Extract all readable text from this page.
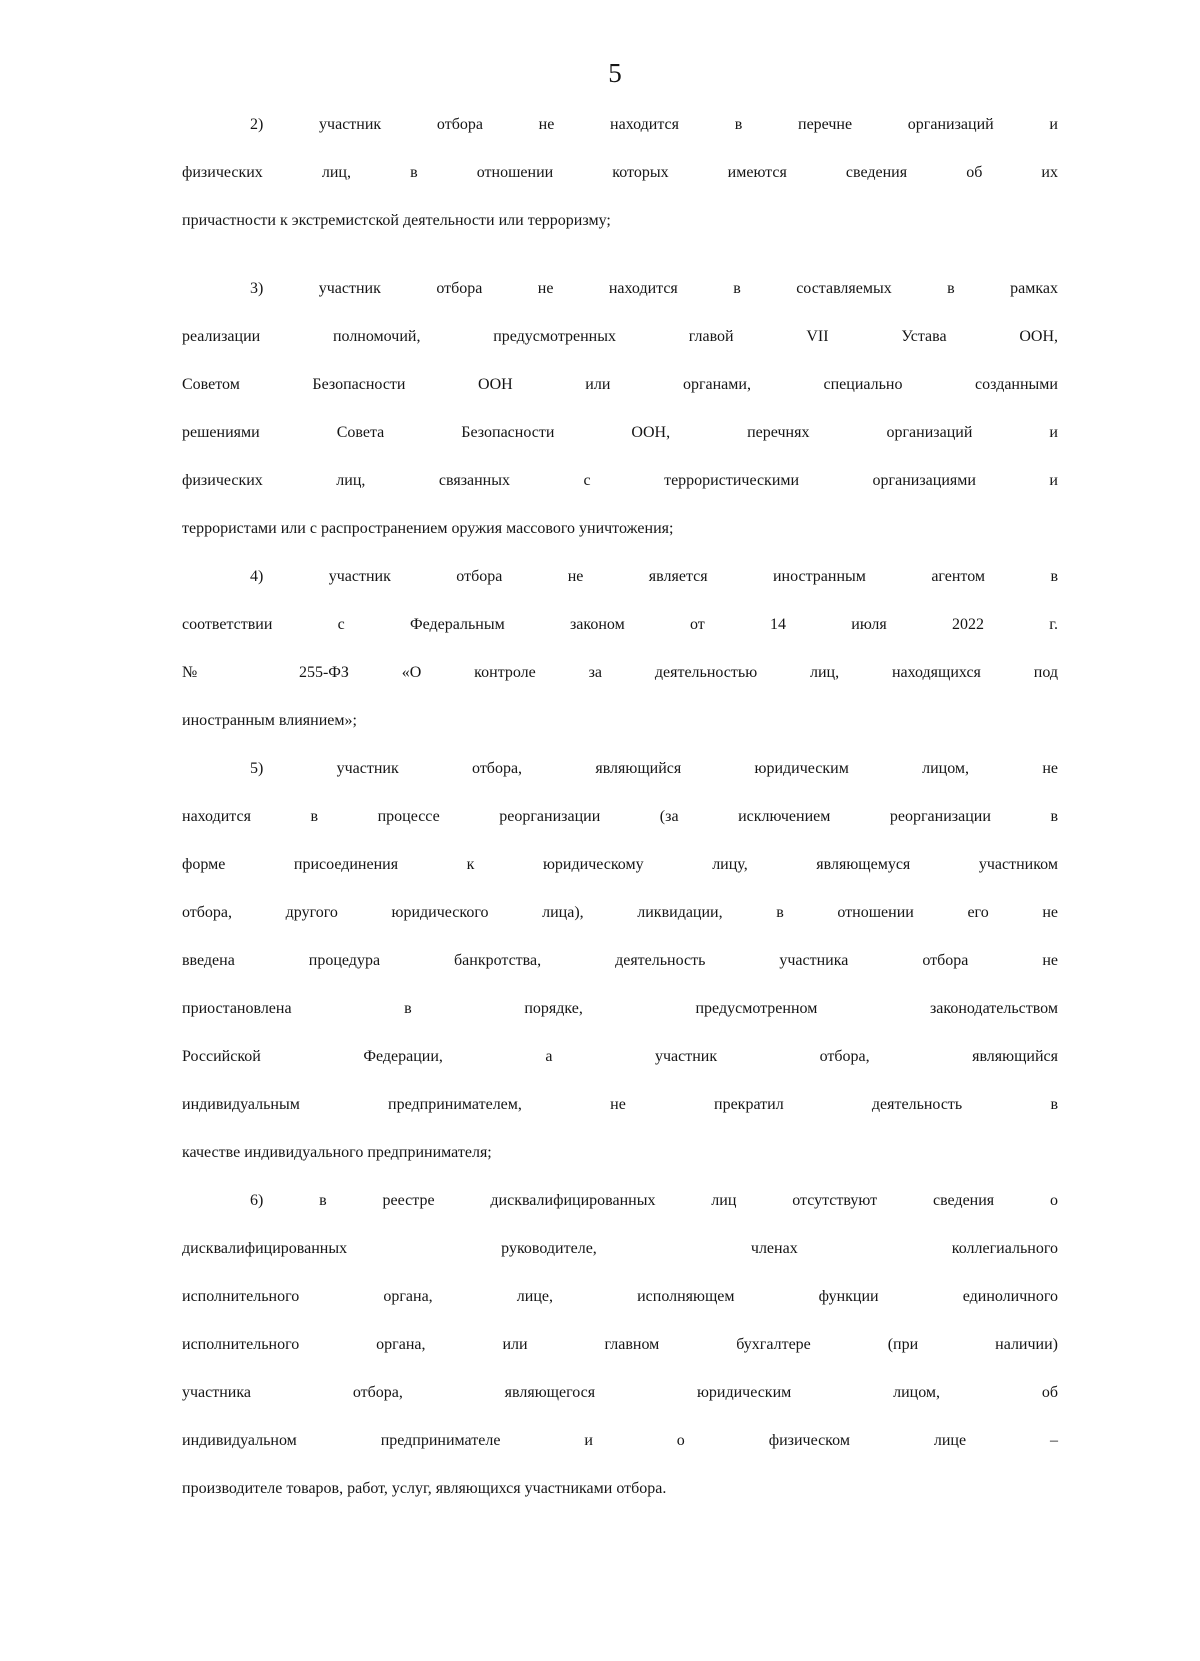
5
2) участник отбора не находится в перечне организаций и
физических лиц, в отношении которых имеются сведения об их
причастности к экстремистской деятельности или терроризму;
3) участник отбора не находится в составляемых в рамках
реализации полномочий, предусмотренных главой VII Устава ООН,
Советом Безопасности ООН или органами, специально созданными
решениями Совета Безопасности ООН, перечнях организаций и
физических лиц, связанных с террористическими организациями и
террористами или с распространением оружия массового уничтожения;
4) участник отбора не является иностранным агентом в
соответствии с Федеральным законом от 14 июля 2022 г.
№ 255-ФЗ «О контроле за деятельностью лиц, находящихся под
иностранным влиянием»;
5) участник отбора, являющийся юридическим лицом, не
находится в процессе реорганизации (за исключением реорганизации в
форме присоединения к юридическому лицу, являющемуся участником
отбора, другого юридического лица), ликвидации, в отношении его не
введена процедура банкротства, деятельность участника отбора не
приостановлена в порядке, предусмотренном законодательством
Российской Федерации, а участник отбора, являющийся
индивидуальным предпринимателем, не прекратил деятельность в
качестве индивидуального предпринимателя;
6) в реестре дисквалифицированных лиц отсутствуют сведения о
дисквалифицированных руководителе, членах коллегиального
исполнительного органа, лице, исполняющем функции единоличного
исполнительного органа, или главном бухгалтере (при наличии)
участника отбора, являющегося юридическим лицом, об
индивидуальном предпринимателе и о физическом лице –
производителе товаров, работ, услуг, являющихся участниками отбора.
